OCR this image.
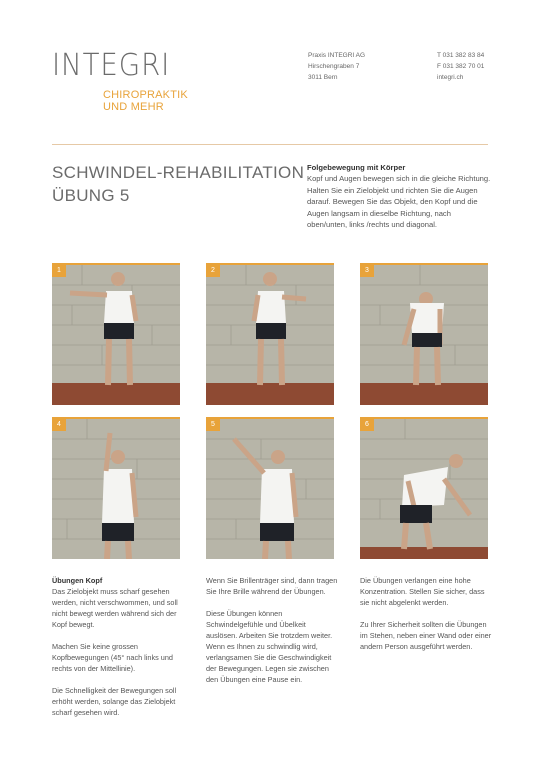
INTEGRI
CHIROPRAKTIK
UND MEHR
Praxis INTEGRI AG
Hirschengraben 7
3011 Bern
T 031 382 83 84
F 031 382 70 01
integri.ch
SCHWINDEL-REHABILITATION
ÜBUNG 5
Folgebewegung mit Körper
Kopf und Augen bewegen sich in die gleiche Richtung. Halten Sie ein Zielobjekt und richten Sie die Augen darauf. Bewegen Sie das Objekt, den Kopf und die Augen langsam in dieselbe Richtung, nach oben/unten, links /rechts und diagonal.
1	2	3
4	5	6

Übungen Kopf
Das Zielobjekt muss scharf gesehen werden, nicht verschwommen, und soll nicht bewegt werden während sich der Kopf bewegt.

Machen Sie keine grossen Kopfbewegungen (45° nach links und rechts von der Mittellinie).

Die Schnelligkeit der Bewegungen soll erhöht werden, solange das Zielobjekt scharf gesehen wird.

Wenn Sie Brillenträger sind, dann tragen Sie Ihre Brille während der Übungen.

Diese Übungen können Schwindelgefühle und Übelkeit auslösen. Arbeiten Sie trotzdem weiter. Wenn es Ihnen zu schwindlig wird, verlangsamen Sie die Geschwindigkeit der Bewegungen. Legen sie zwischen den Übungen eine Pause ein.

Die Übungen verlangen eine hohe Konzentration. Stellen Sie sicher, dass sie nicht abgelenkt werden.

Zu Ihrer Sicherheit sollten die Übungen im Stehen, neben einer Wand oder einer andern Person ausgeführt werden.
